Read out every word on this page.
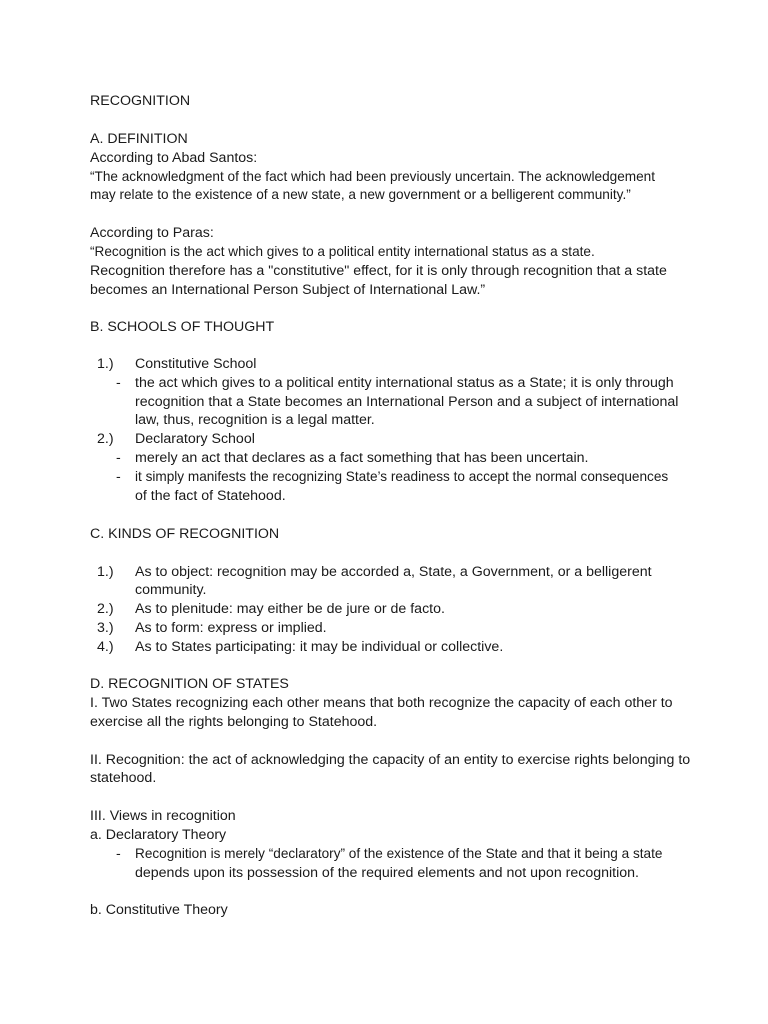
RECOGNITION
A. DEFINITION
According to Abad Santos:
“The acknowledgment of the fact which had been previously uncertain. The acknowledgement
may relate to the existence of a new state, a new government or a belligerent community.”
According to Paras:
“Recognition is the act which gives to a political entity international status as a state.
Recognition therefore has a "constitutive" effect, for it is only through recognition that a state
becomes an International Person Subject of International Law.”
B. SCHOOLS OF THOUGHT
1.) Constitutive School
- the act which gives to a political entity international status as a State; it is only through
recognition that a State becomes an International Person and a subject of international
law, thus, recognition is a legal matter.
2.) Declaratory School
- merely an act that declares as a fact something that has been uncertain.
- it simply manifests the recognizing State’s readiness to accept the normal consequences
of the fact of Statehood.
C. KINDS OF RECOGNITION
1.) As to object: recognition may be accorded a, State, a Government, or a belligerent
community.
2.) As to plenitude: may either be de jure or de facto.
3.) As to form: express or implied.
4.) As to States participating: it may be individual or collective.
D. RECOGNITION OF STATES
I. Two States recognizing each other means that both recognize the capacity of each other to
exercise all the rights belonging to Statehood.
II. Recognition: the act of acknowledging the capacity of an entity to exercise rights belonging to
statehood.
III. Views in recognition
a. Declaratory Theory
- Recognition is merely “declaratory” of the existence of the State and that it being a state
depends upon its possession of the required elements and not upon recognition.
b. Constitutive Theory
